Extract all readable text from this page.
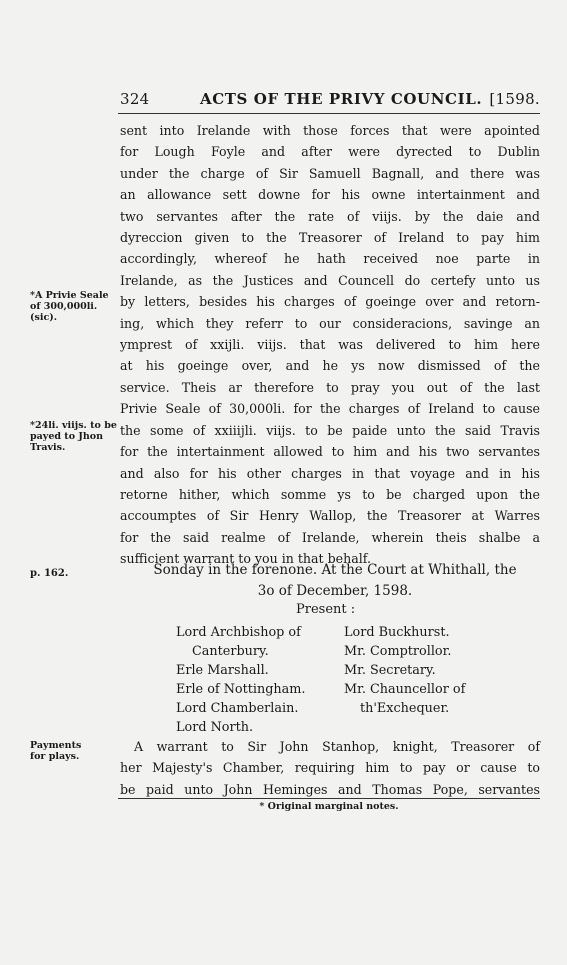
324	ACTS OF THE PRIVY COUNCIL. [1598.
sent into Irelande with those forces that were apointed
for Lough Foyle and after were dyrected to Dublin
under the charge of Sir Samuell Bagnall, and there was
an allowance sett downe for his owne intertainment and
two servantes after the rate of viijs. by the daie and
dyreccion given to the Treasorer of Ireland to pay him
accordingly, whereof he hath received noe parte in
Irelande, as the Justices and Councell do certefy unto us
by letters, besides his charges of goeinge over and retorn-
ing, which they referr to our consideracions, savinge an
ymprest of xxijli. viijs. that was delivered to him here
at his goeinge over, and he ys now dismissed of the
service. Theis ar therefore to pray you out of the last
Privie Seale of 30,000li. for the charges of Ireland to cause
the some of xxiiijli. viijs. to be paide unto the said Travis
for the intertainment allowed to him and his two servantes
and also for his other charges in that voyage and in his
retorne hither, which somme ys to be charged upon the
accoumptes of Sir Henry Wallop, the Treasorer at Warres
for the said realme of Irelande, wherein theis shalbe a
sufficient warrant to you in that behalf.
*A Privie Seale of 300,000li. (sic).
*24li. viijs. to be payed to Jhon Travis.
p. 162.
Payments for plays.
Sonday in the forenone. At the Court at Whithall, the
3o of December, 1598.
Present :
Lord Archbishop of
Canterbury.
Erle Marshall.
Erle of Nottingham.
Lord Chamberlain.
Lord North.
Lord Buckhurst.
Mr. Comptrollor.
Mr. Secretary.
Mr. Chauncellor of
th'Exchequer.
A warrant to Sir John Stanhop, knight, Treasorer of
her Majesty's Chamber, requiring him to pay or cause to
be paid unto John Heminges and Thomas Pope, servantes
* Original marginal notes.
